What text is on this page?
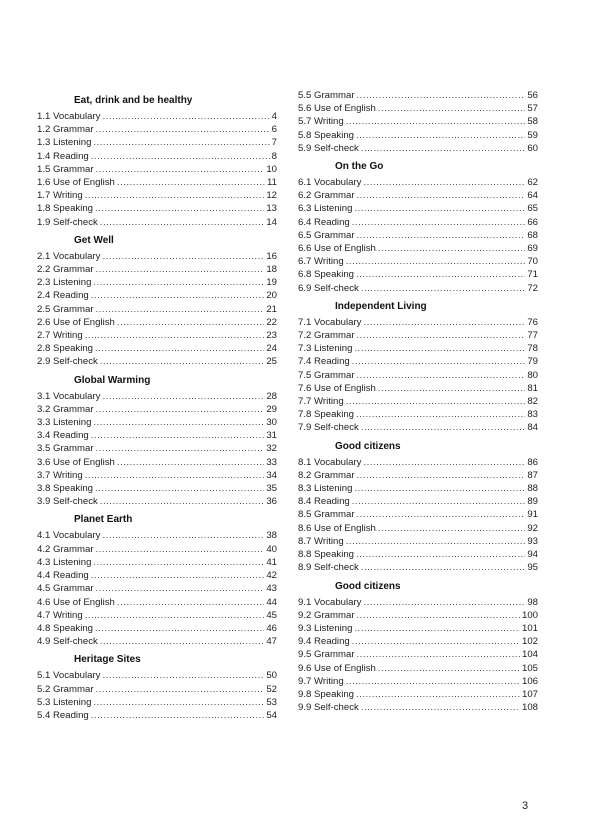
Eat, drink and be healthy
1.1 Vocabulary .....	4
1.2 Grammar .....	6
1.3 Listening .....	7
1.4 Reading .....	8
1.5 Grammar .....	10
1.6 Use of English .....	11
1.7 Writing .....	12
1.8 Speaking .....	13
1.9 Self-check .....	14
Get Well
2.1 Vocabulary .....	16
2.2 Grammar .....	18
2.3 Listening .....	19
2.4 Reading .....	20
2.5 Grammar .....	21
2.6 Use of English .....	22
2.7 Writing .....	23
2.8 Speaking .....	24
2.9 Self-check .....	25
Global Warming
3.1 Vocabulary .....	28
3.2 Grammar .....	29
3.3 Listening .....	30
3.4 Reading .....	31
3.5 Grammar .....	32
3.6 Use of English .....	33
3.7 Writing .....	34
3.8 Speaking .....	35
3.9 Self-check .....	36
Planet Earth
4.1 Vocabulary .....	38
4.2 Grammar .....	40
4.3 Listening .....	41
4.4 Reading .....	42
4.5 Grammar .....	43
4.6 Use of English .....	44
4.7 Writing .....	45
4.8 Speaking .....	46
4.9 Self-check .....	47
Heritage Sites
5.1 Vocabulary .....	50
5.2 Grammar .....	52
5.3 Listening .....	53
5.4 Reading .....	54
5.5 Grammar .....	56
5.6 Use of English .....	57
5.7 Writing .....	58
5.8 Speaking .....	59
5.9 Self-check .....	60
On the Go
6.1 Vocabulary .....	62
6.2 Grammar .....	64
6.3 Listening .....	65
6.4 Reading .....	66
6.5 Grammar .....	68
6.6 Use of English .....	69
6.7 Writing .....	70
6.8 Speaking .....	71
6.9 Self-check .....	72
Independent Living
7.1 Vocabulary .....	76
7.2 Grammar .....	77
7.3 Listening .....	78
7.4 Reading .....	79
7.5 Grammar .....	80
7.6 Use of English .....	81
7.7 Writing .....	82
7.8 Speaking .....	83
7.9 Self-check .....	84
Good citizens
8.1 Vocabulary .....	86
8.2 Grammar .....	87
8.3 Listening .....	88
8.4 Reading .....	89
8.5 Grammar .....	91
8.6 Use of English .....	92
8.7 Writing .....	93
8.8 Speaking .....	94
8.9 Self-check .....	95
Good citizens
9.1 Vocabulary .....	98
9.2 Grammar .....	100
9.3 Listening .....	101
9.4 Reading .....	102
9.5 Grammar .....	104
9.6 Use of English .....	105
9.7 Writing .....	106
9.8 Speaking .....	107
9.9 Self-check .....	108
3
